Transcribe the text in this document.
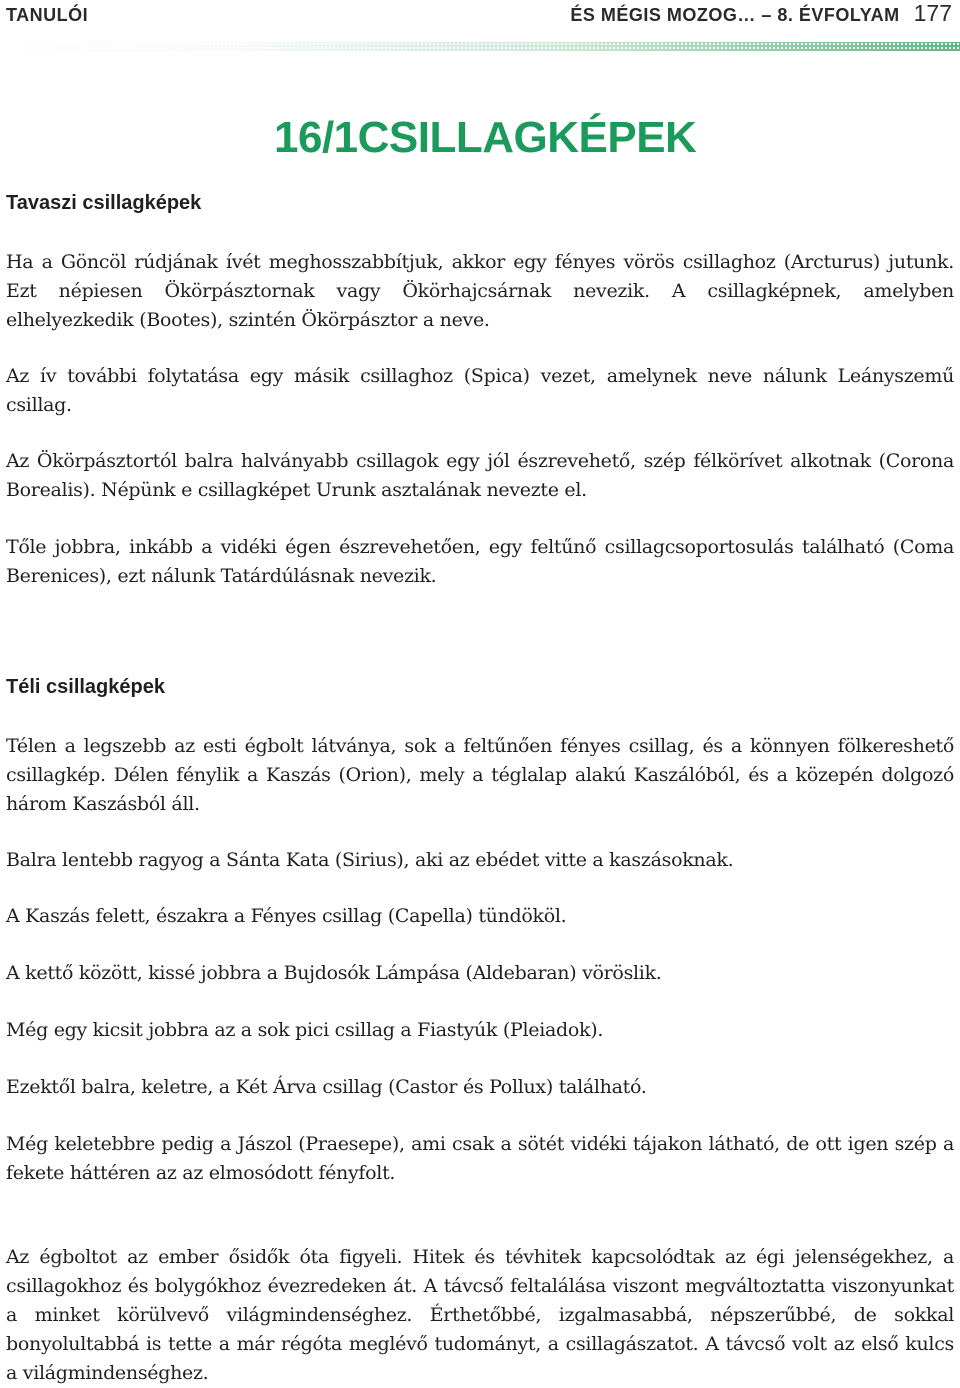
TANULÓI	ÉS MÉGIS MOZOG… – 8. ÉVFOLYAM 177
16/1CSILLAGKÉPEK
Tavaszi csillagképek

Ha a Göncöl rúdjának ívét meghosszabbítjuk, akkor egy fényes vörös csillaghoz (Arcturus) jutunk. Ezt népiesen Ökörpásztornak vagy Ökörhajcsárnak nevezik. A csillagképnek, amelyben elhelyezkedik (Bootes), szintén Ökörpásztor a neve.

Az ív további folytatása egy másik csillaghoz (Spica) vezet, amelynek neve nálunk Leányszemű csillag.

Az Ökörpásztortól balra halványabb csillagok egy jól észrevehető, szép félkörívet alkotnak (Corona Borealis). Népünk e csillagképet Urunk asztalának nevezte el.

Tőle jobbra, inkább a vidéki égen észrevehetően, egy feltűnő csillagcsoportosulás található (Coma Berenices), ezt nálunk Tatárdúlásnak nevezik.

Téli csillagképek

Télen a legszebb az esti égbolt látványa, sok a feltűnően fényes csillag, és a könnyen fölkereshető csillagkép. Délen fénylik a Kaszás (Orion), mely a téglalap alakú Kaszálóból, és a közepén dolgozó három Kaszásból áll.

Balra lentebb ragyog a Sánta Kata (Sirius), aki az ebédet vitte a kaszásoknak.

A Kaszás felett, északra a Fényes csillag (Capella) tündököl.

A kettő között, kissé jobbra a Bujdosók Lámpása (Aldebaran) vöröslik.

Még egy kicsit jobbra az a sok pici csillag a Fiastyúk (Pleiadok).

Ezektől balra, keletre, a Két Árva csillag (Castor és Pollux) található.

Még keletebbre pedig a Jászol (Praesepe), ami csak a sötét vidéki tájakon látható, de ott igen szép a fekete háttéren az az elmosódott fényfolt.

Az égboltot az ember ősidők óta figyeli. Hitek és tévhitek kapcsolódtak az égi jelenségekhez, a csillagokhoz és bolygókhoz évezredeken át. A távcső feltalálása viszont megváltoztatta viszonyunkat a minket körülvevő világmindenséghez. Érthetőbbé, izgalmasabbá, népszerűbbé, de sokkal bonyolultabbá is tette a már régóta meglévő tudományt, a csillagászatot. A távcső volt az első kulcs a világmindenséghez.
